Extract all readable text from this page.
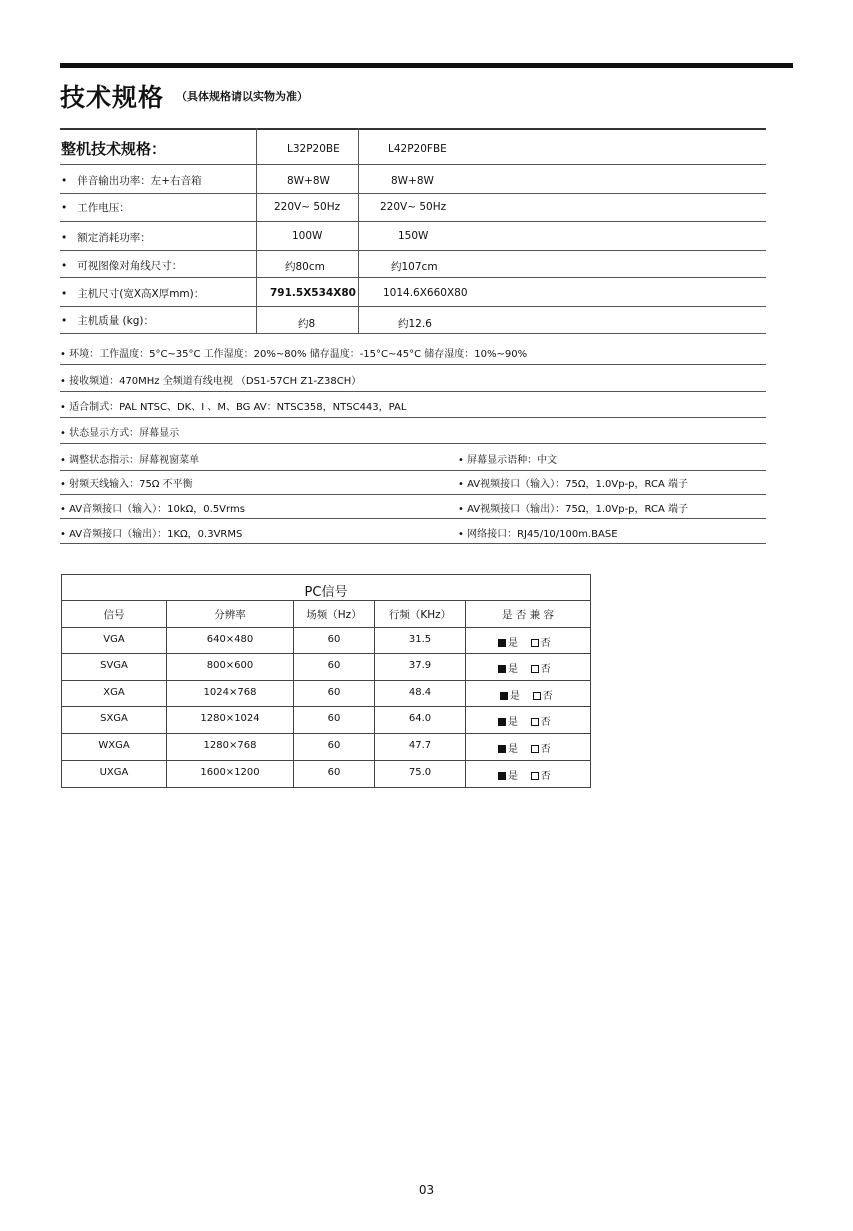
技术规格 （具体规格请以实物为准）
整机技术规格：	L32P20BE	L42P20FBE
•   伴音输出功率：左+右音箱	8W+8W	8W+8W
•   工作电压：	220V~ 50Hz	220V~ 50Hz
•   额定消耗功率：	100W	150W
•   可视图像对角线尺寸：	约80cm	约107cm
•   主机尺寸(宽X高X厚mm)：	791.5X534X80	1014.6X660X80
•   主机质量 (kg)：	约8	约12.6
• 环境：工作温度：5°C~35°C 工作湿度：20%~80% 储存温度：-15°C~45°C 储存湿度：10%~90%
• 接收频道：470MHz 全频道有线电视 （DS1-57CH Z1-Z38CH）
• 适合制式：PAL NTSC、DK、I 、M、BG AV：NTSC358，NTSC443，PAL
• 状态显示方式：屏幕显示
• 调整状态指示：屏幕视窗菜单	• 屏幕显示语种：中文
• 射频天线输入：75Ω 不平衡	• AV视频接口（输入）：75Ω，1.0Vp-p，RCA 端子
• AV音频接口（输入）：10kΩ，0.5Vrms	• AV视频接口（输出）：75Ω，1.0Vp-p，RCA 端子
• AV音频接口（输出）：1KΩ，0.3VRMS	• 网络接口：RJ45/10/100m.BASE
PC信号
信号	分辨率	场频（Hz）	行频（KHz）	是 否 兼 容
VGA	640×480	60	31.5	是 否
SVGA	800×600	60	37.9	是 否
XGA	1024×768	60	48.4	是 否
SXGA	1280×1024	60	64.0	是 否
WXGA	1280×768	60	47.7	是 否
UXGA	1600×1200	60	75.0	是 否
03
